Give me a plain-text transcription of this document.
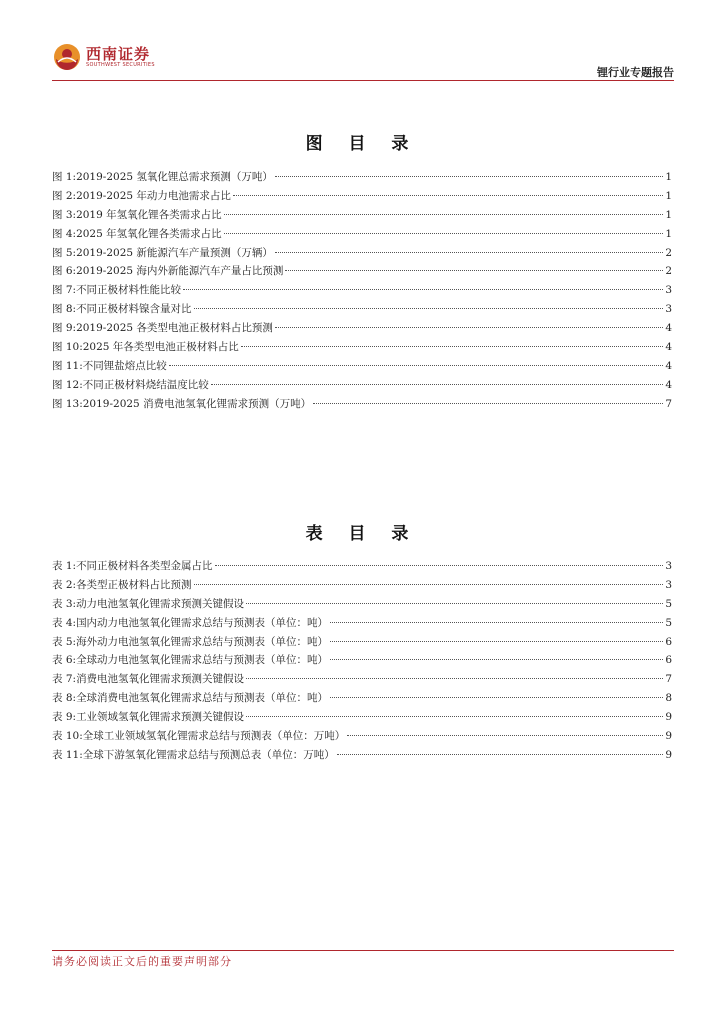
西南证券
SOUTHWEST SECURITIES
锂行业专题报告
图 目 录
图 1: 2019-2025 氢氧化锂总需求预测（万吨）	1
图 2: 2019-2025 年动力电池需求占比	1
图 3: 2019 年氢氧化锂各类需求占比	1
图 4: 2025 年氢氧化锂各类需求占比	1
图 5: 2019-2025 新能源汽车产量预测（万辆）	2
图 6: 2019-2025 海内外新能源汽车产量占比预测	2
图 7: 不同正极材料性能比较	3
图 8: 不同正极材料镍含量对比	3
图 9: 2019-2025 各类型电池正极材料占比预测	4
图 10: 2025 年各类型电池正极材料占比	4
图 11: 不同锂盐熔点比较	4
图 12: 不同正极材料烧结温度比较	4
图 13: 2019-2025 消费电池氢氧化锂需求预测（万吨）	7
表 目 录
表 1: 不同正极材料各类型金属占比	3
表 2: 各类型正极材料占比预测	3
表 3: 动力电池氢氧化锂需求预测关键假设	5
表 4: 国内动力电池氢氧化锂需求总结与预测表（单位：吨）	5
表 5: 海外动力电池氢氧化锂需求总结与预测表（单位：吨）	6
表 6: 全球动力电池氢氧化锂需求总结与预测表（单位：吨）	6
表 7: 消费电池氢氧化锂需求预测关键假设	7
表 8: 全球消费电池氢氧化锂需求总结与预测表（单位：吨）	8
表 9: 工业领域氢氧化锂需求预测关键假设	9
表 10: 全球工业领域氢氧化锂需求总结与预测表（单位：万吨）	9
表 11: 全球下游氢氧化锂需求总结与预测总表（单位：万吨）	9
请务必阅读正文后的重要声明部分
